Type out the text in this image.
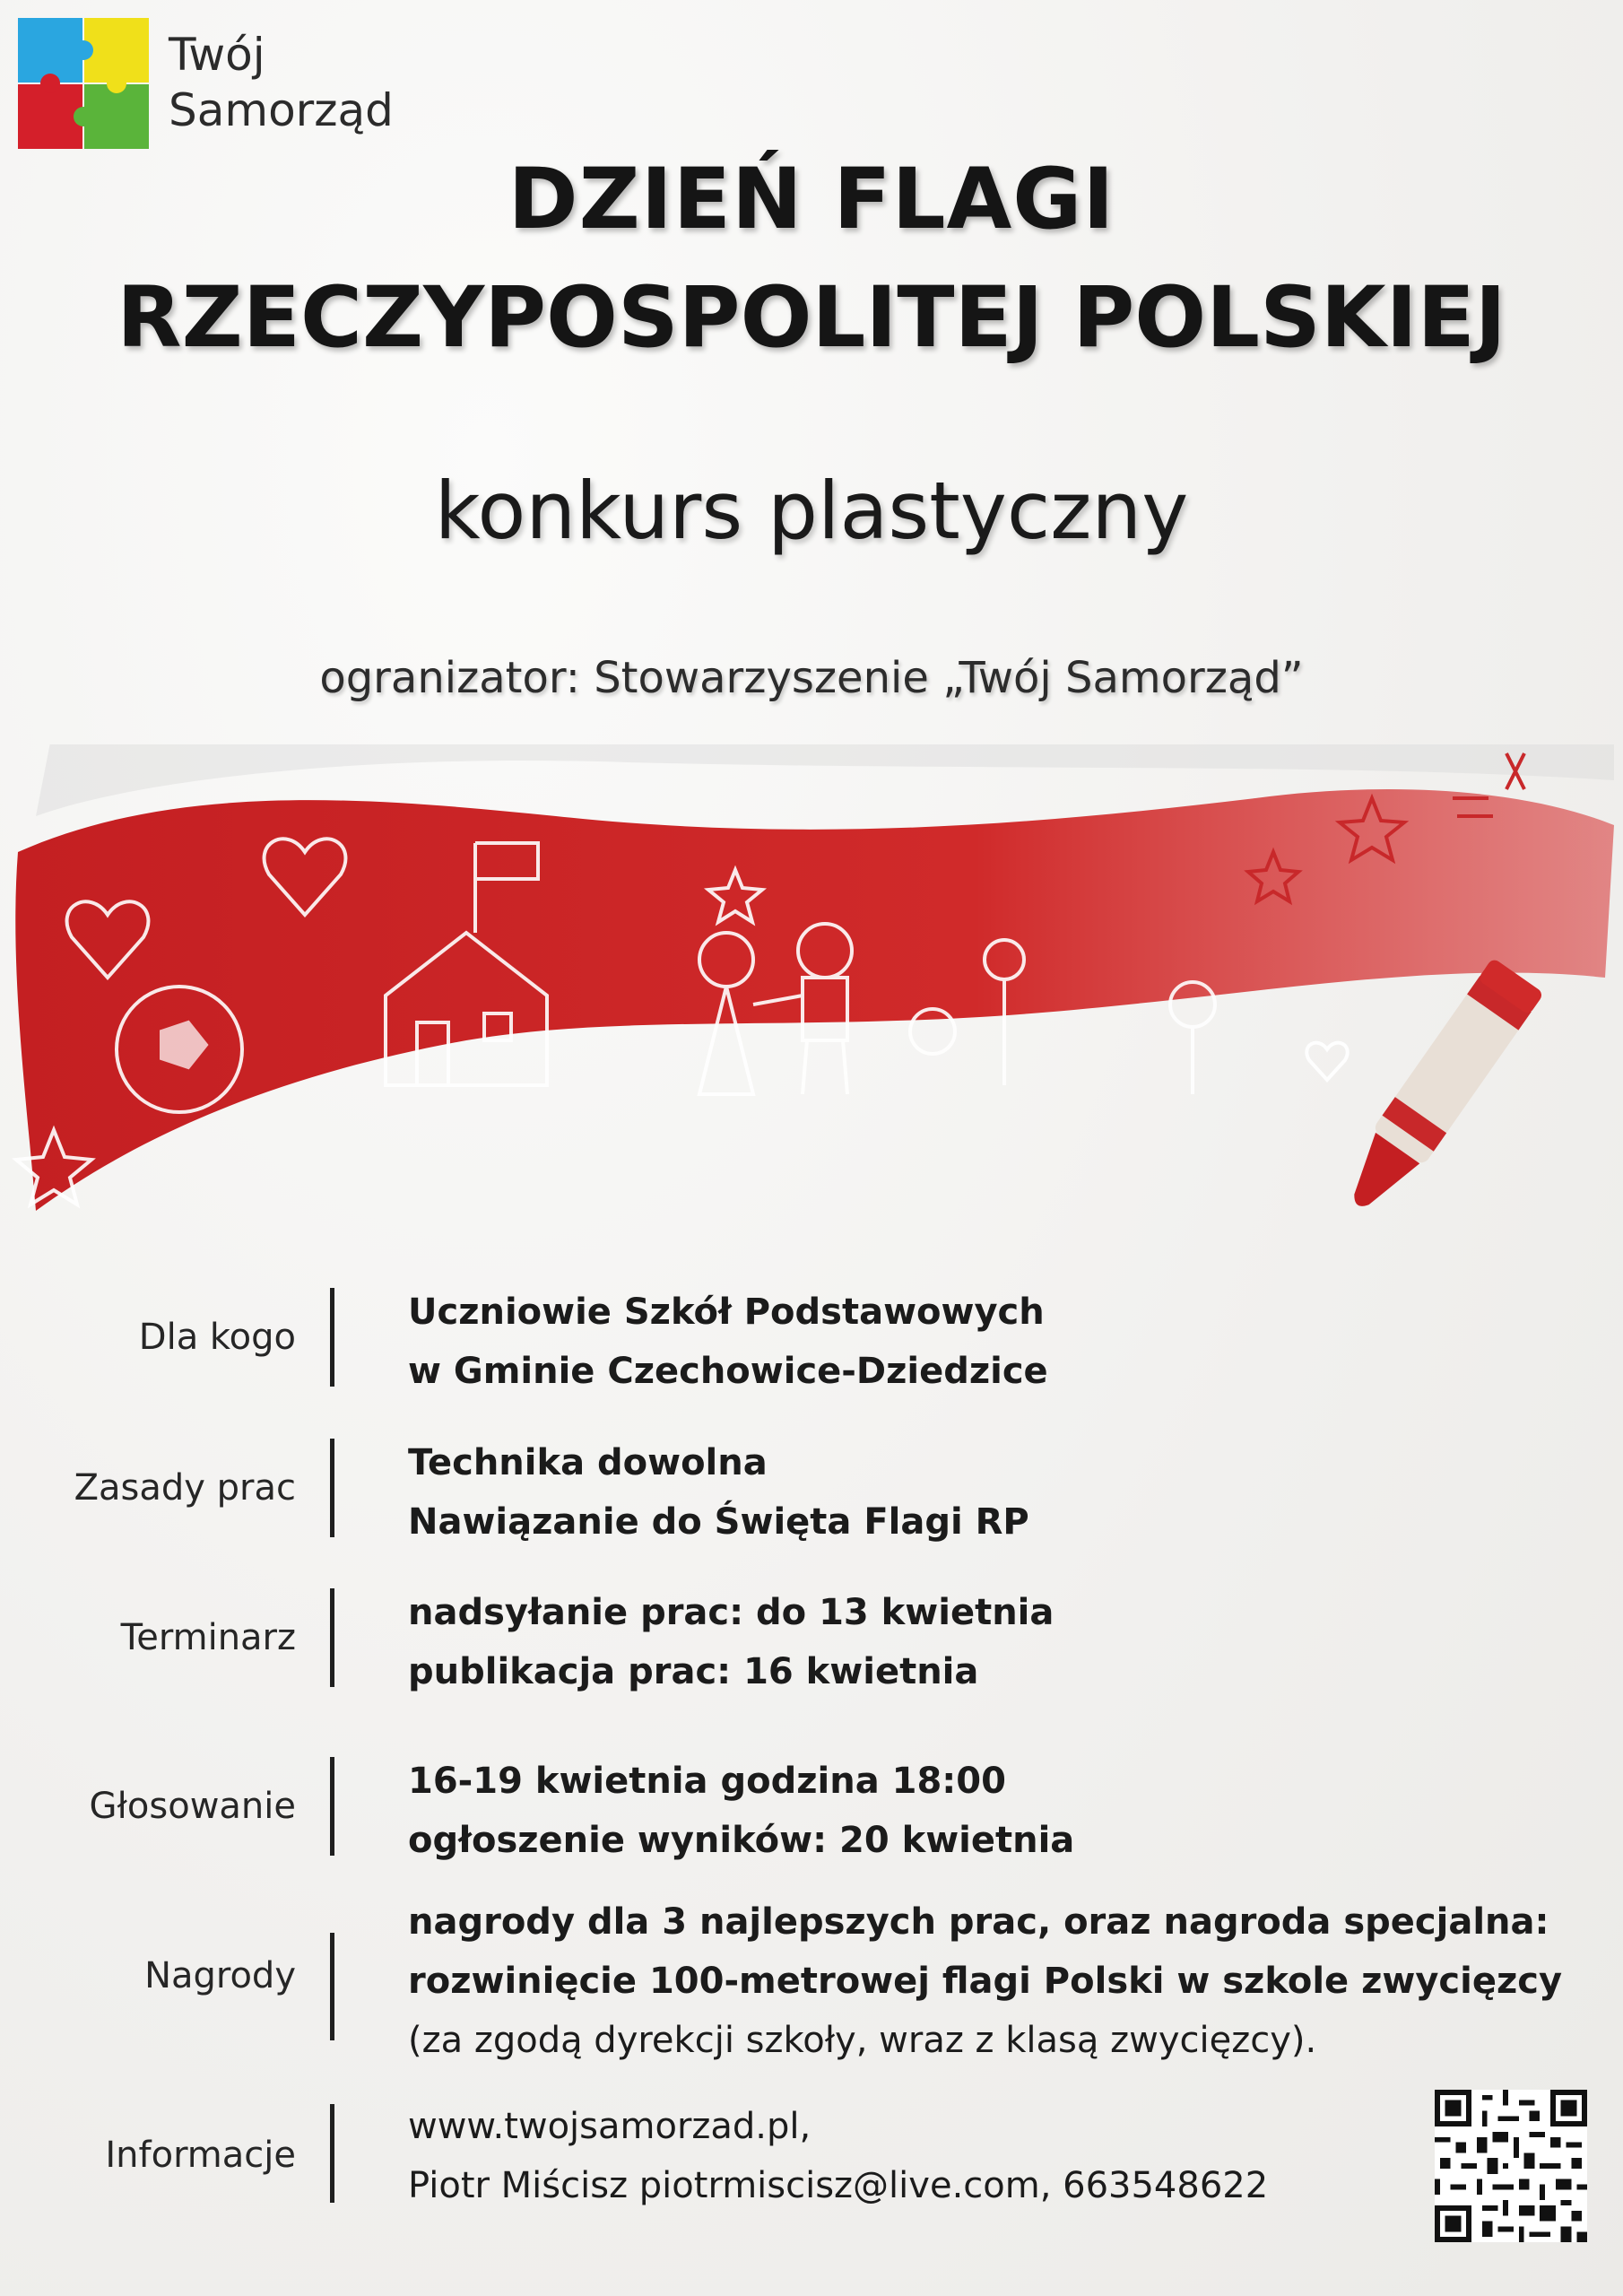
Twój
Samorząd
DZIEŃ FLAGI
RZECZYPOSPOLITEJ POLSKIEJ
konkurs plastyczny
ogranizator: Stowarzyszenie „Twój Samorząd”
Dla kogo
Uczniowie Szkół Podstawowych
w Gminie Czechowice-Dziedzice
Zasady prac
Technika dowolna
Nawiązanie do Święta Flagi RP
Terminarz
nadsyłanie prac: do 13 kwietnia
publikacja prac: 16 kwietnia
Głosowanie
16-19 kwietnia godzina 18:00
ogłoszenie wyników: 20 kwietnia
Nagrody
nagrody dla 3 najlepszych prac, oraz nagroda specjalna:
rozwinięcie 100-metrowej flagi Polski w szkole zwycięzcy
(za zgodą dyrekcji szkoły, wraz z klasą zwycięzcy).
Informacje
www.twojsamorzad.pl,
Piotr Miścisz piotrmiscisz@live.com, 663548622
